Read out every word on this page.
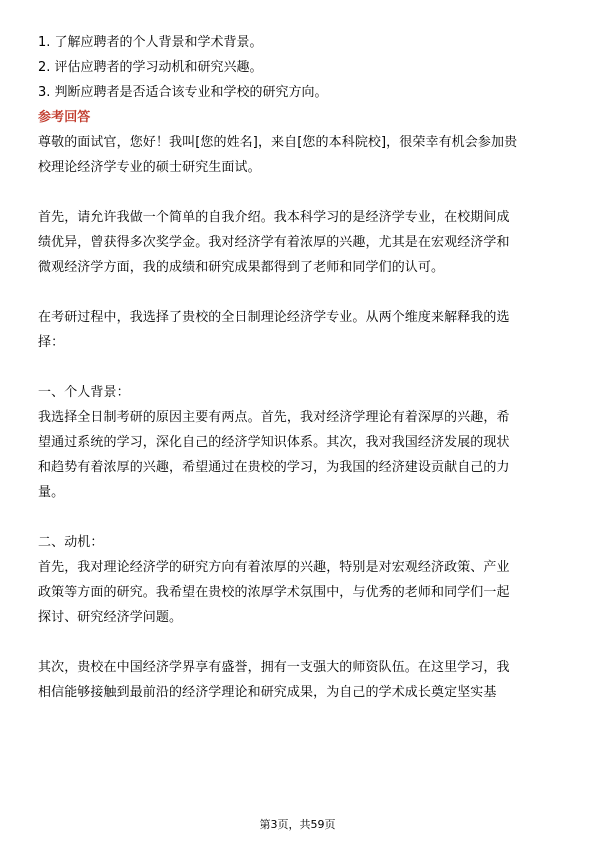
1. 了解应聘者的个人背景和学术背景。
2. 评估应聘者的学习动机和研究兴趣。
3. 判断应聘者是否适合该专业和学校的研究方向。
参考回答
尊敬的面试官，您好！我叫[您的姓名]，来自[您的本科院校]，很荣幸有机会参加贵
校理论经济学专业的硕士研究生面试。
首先，请允许我做一个简单的自我介绍。我本科学习的是经济学专业，在校期间成
绩优异，曾获得多次奖学金。我对经济学有着浓厚的兴趣，尤其是在宏观经济学和
微观经济学方面，我的成绩和研究成果都得到了老师和同学们的认可。
在考研过程中，我选择了贵校的全日制理论经济学专业。从两个维度来解释我的选
择：
一、个人背景：
我选择全日制考研的原因主要有两点。首先，我对经济学理论有着深厚的兴趣，希
望通过系统的学习，深化自己的经济学知识体系。其次，我对我国经济发展的现状
和趋势有着浓厚的兴趣，希望通过在贵校的学习，为我国的经济建设贡献自己的力
量。
二、动机：
首先，我对理论经济学的研究方向有着浓厚的兴趣，特别是对宏观经济政策、产业
政策等方面的研究。我希望在贵校的浓厚学术氛围中，与优秀的老师和同学们一起
探讨、研究经济学问题。
其次，贵校在中国经济学界享有盛誉，拥有一支强大的师资队伍。在这里学习，我
相信能够接触到最前沿的经济学理论和研究成果，为自己的学术成长奠定坚实基
第3页，共59页
